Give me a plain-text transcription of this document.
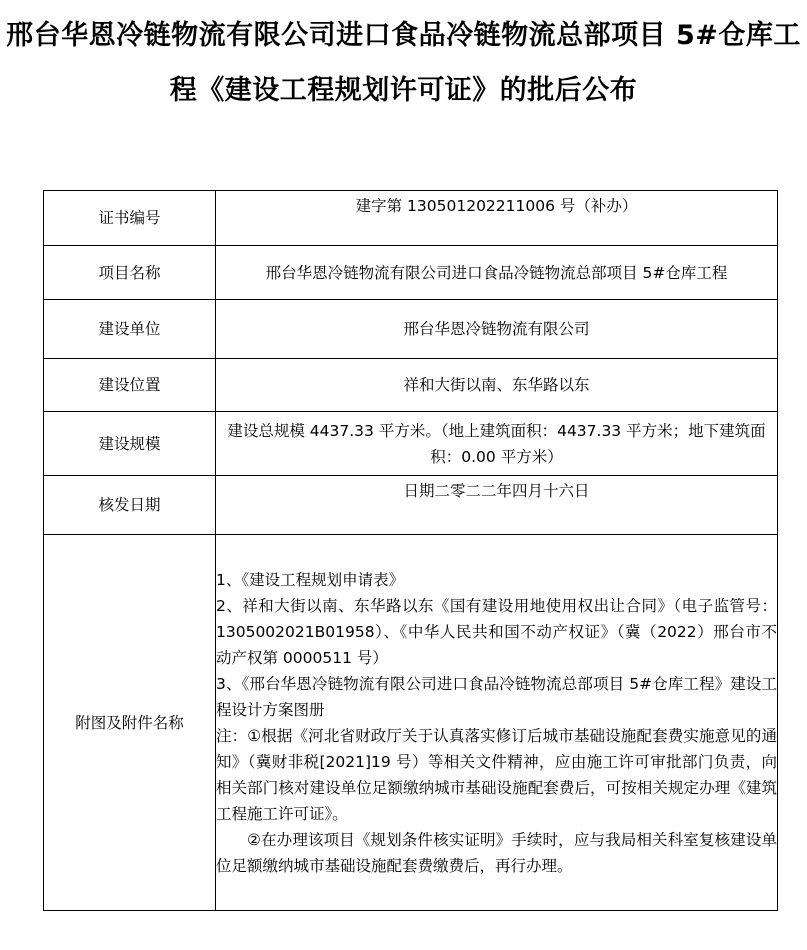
邢台华恩冷链物流有限公司进口食品冷链物流总部项目 5#仓库工
程《建设工程规划许可证》的批后公布
证书编号	建字第 130501202211006 号（补办）
项目名称	邢台华恩冷链物流有限公司进口食品冷链物流总部项目 5#仓库工程
建设单位	邢台华恩冷链物流有限公司
建设位置	祥和大街以南、东华路以东
建设规模	建设总规模 4437.33 平方米。（地上建筑面积：4437.33 平方米；地下建筑面积：0.00 平方米）
核发日期	日期二零二二年四月十六日
附图及附件名称	1、《建设工程规划申请表》

2、祥和大街以南、东华路以东《国有建设用地使用权出让合同》（电子监管号：1305002021B01958）、《中华人民共和国不动产权证》（冀（2022）邢台市不动产权第 0000511 号）

3、《邢台华恩冷链物流有限公司进口食品冷链物流总部项目 5#仓库工程》建设工程设计方案图册

注：①根据《河北省财政厅关于认真落实修订后城市基础设施配套费实施意见的通知》（冀财非税[2021]19 号）等相关文件精神，应由施工许可审批部门负责，向相关部门核对建设单位足额缴纳城市基础设施配套费后，可按相关规定办理《建筑工程施工许可证》。

②在办理该项目《规划条件核实证明》手续时，应与我局相关科室复核建设单位足额缴纳城市基础设施配套费缴费后，再行办理。
